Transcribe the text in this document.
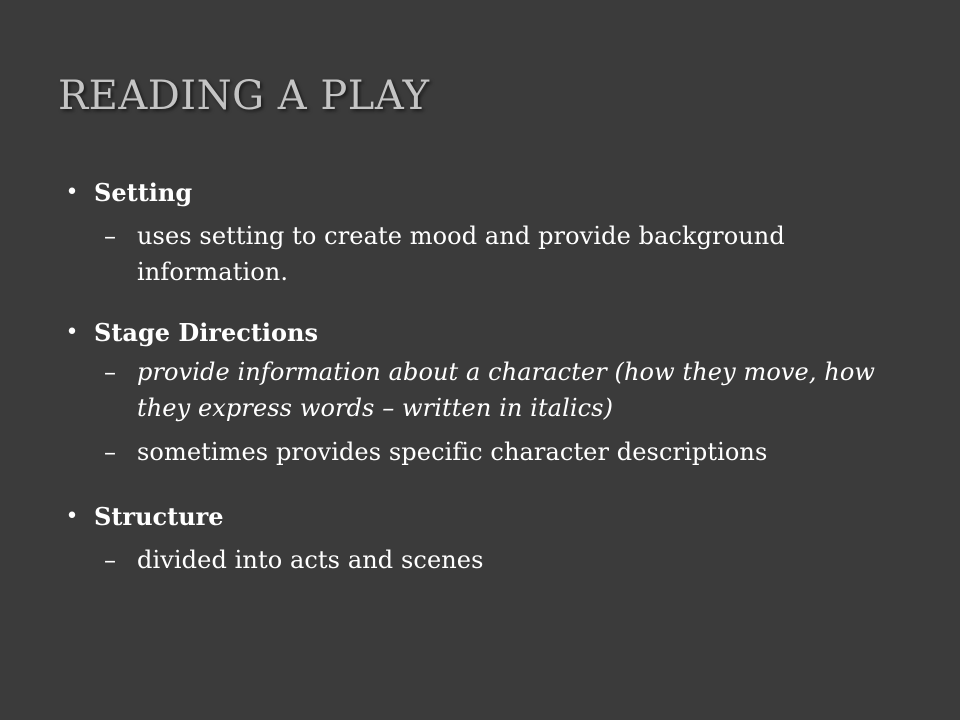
READING A PLAY
• Setting
– uses setting to create mood and provide background information.
• Stage Directions
– provide information about a character (how they move, how they express words – written in italics)
– sometimes provides specific character descriptions
• Structure
– divided into acts and scenes
